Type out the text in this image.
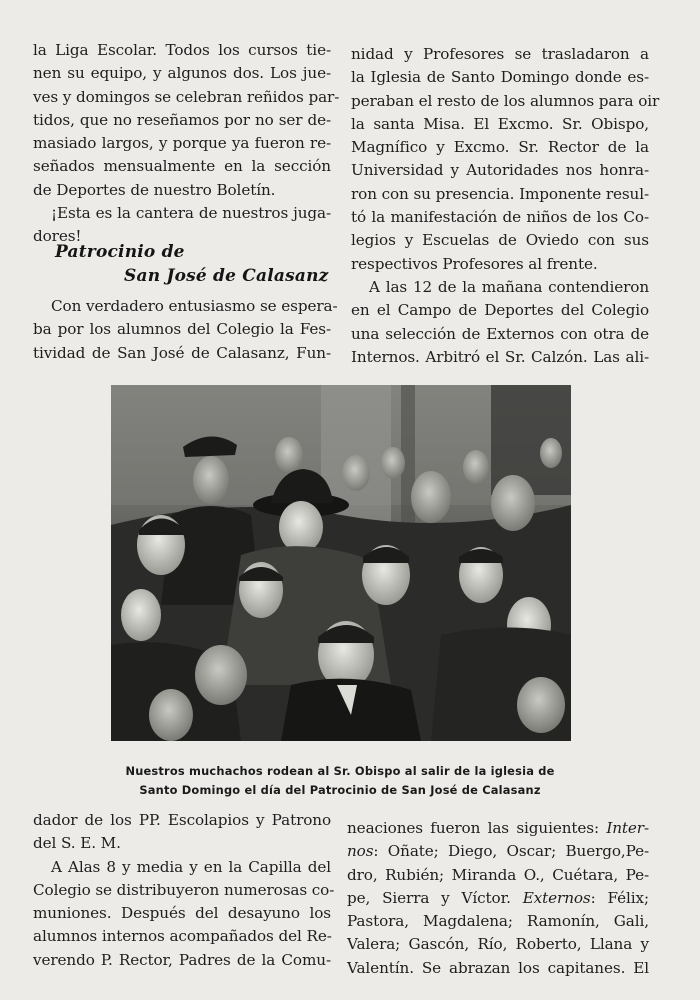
la Liga Escolar. Todos los cursos tie-
nen su equipo, y algunos dos. Los jue-
ves y domingos se celebran reñidos par-
tidos, que no reseñamos por no ser de-
masiado largos, y porque ya fueron re-
señados mensualmente en la sección
de Deportes de nuestro Boletín.
¡Esta es la cantera de nuestros juga-
dores!

Patrocinio de
San José de Calasanz

Con verdadero entusiasmo se espera-
ba por los alumnos del Colegio la Fes-
tividad de San José de Calasanz, Fun-

nidad y Profesores se trasladaron a
la Iglesia de Santo Domingo donde es-
peraban el resto de los alumnos para oir
la santa Misa. El Excmo. Sr. Obispo,
Magnífico y Excmo. Sr. Rector de la
Universidad y Autoridades nos honra-
ron con su presencia. Imponente resul-
tó la manifestación de niños de los Co-
legios y Escuelas de Oviedo con sus
respectivos Profesores al frente.
A las 12 de la mañana contendieron
en el Campo de Deportes del Colegio
una selección de Externos con otra de
Internos. Arbitró el Sr. Calzón. Las ali-

Nuestros muchachos rodean al Sr. Obispo al salir de la iglesia de
Santo Domingo el día del Patrocinio de San José de Calasanz

dador de los PP. Escolapios y Patrono
del S. E. M.
A Alas 8 y media y en la Capilla del
Colegio se distribuyeron numerosas co-
muniones. Después del desayuno los
alumnos internos acompañados del Re-
verendo P. Rector, Padres de la Comu-

neaciones fueron las siguientes: Inter-
nos: Oñate; Diego, Oscar; Buergo,Pe-
dro, Rubién; Miranda O., Cuétara, Pe-
pe, Sierra y Víctor. Externos: Félix;
Pastora, Magdalena; Ramonín, Gali,
Valera; Gascón, Río, Roberto, Llana y
Valentín. Se abrazan los capitanes. El
